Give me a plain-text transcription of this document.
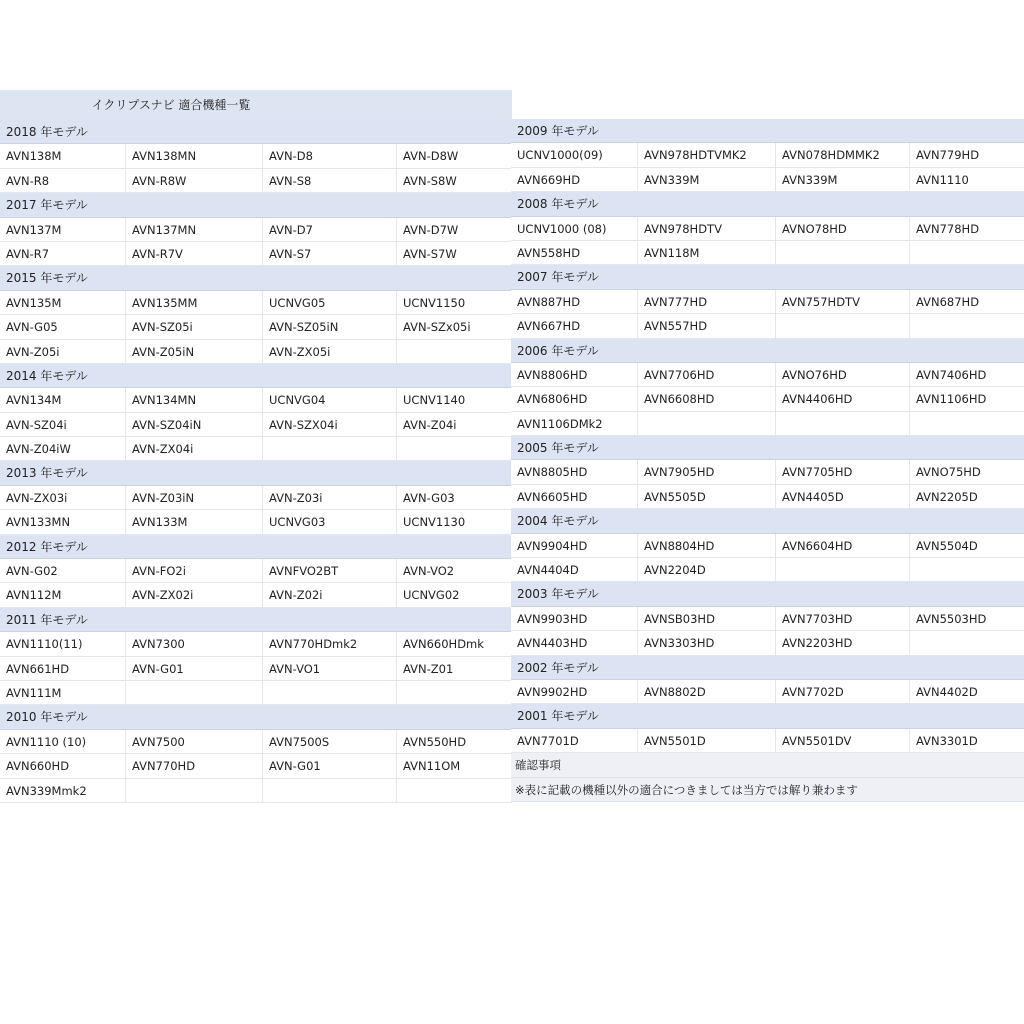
イクリプスナビ 適合機種一覧
2018 年モデル
AVN138M	AVN138MN	AVN-D8	AVN-D8W
AVN-R8	AVN-R8W	AVN-S8	AVN-S8W
2017 年モデル
AVN137M	AVN137MN	AVN-D7	AVN-D7W
AVN-R7	AVN-R7V	AVN-S7	AVN-S7W
2015 年モデル
AVN135M	AVN135MM	UCNVG05	UCNV1150
AVN-G05	AVN-SZ05i	AVN-SZ05iN	AVN-SZx05i
AVN-Z05i	AVN-Z05iN	AVN-ZX05i
2014 年モデル
AVN134M	AVN134MN	UCNVG04	UCNV1140
AVN-SZ04i	AVN-SZ04iN	AVN-SZX04i	AVN-Z04i
AVN-Z04iW	AVN-ZX04i
2013 年モデル
AVN-ZX03i	AVN-Z03iN	AVN-Z03i	AVN-G03
AVN133MN	AVN133M	UCNVG03	UCNV1130
2012 年モデル
AVN-G02	AVN-FO2i	AVNFVO2BT	AVN-VO2
AVN112M	AVN-ZX02i	AVN-Z02i	UCNVG02
2011 年モデル
AVN1110(11)	AVN7300	AVN770HDmk2	AVN660HDmk
AVN661HD	AVN-G01	AVN-VO1	AVN-Z01
AVN111M
2010 年モデル
AVN1110 (10)	AVN7500	AVN7500S	AVN550HD
AVN660HD	AVN770HD	AVN-G01	AVN11OM
AVN339Mmk2
2009 年モデル
UCNV1000(09)	AVN978HDTVMK2	AVN078HDMMK2	AVN779HD
AVN669HD	AVN339M	AVN339M	AVN1110
2008 年モデル
UCNV1000 (08)	AVN978HDTV	AVNO78HD	AVN778HD
AVN558HD	AVN118M
2007 年モデル
AVN887HD	AVN777HD	AVN757HDTV	AVN687HD
AVN667HD	AVN557HD
2006 年モデル
AVN8806HD	AVN7706HD	AVNO76HD	AVN7406HD
AVN6806HD	AVN6608HD	AVN4406HD	AVN1106HD
AVN1106DMk2
2005 年モデル
AVN8805HD	AVN7905HD	AVN7705HD	AVNO75HD
AVN6605HD	AVN5505D	AVN4405D	AVN2205D
2004 年モデル
AVN9904HD	AVN8804HD	AVN6604HD	AVN5504D
AVN4404D	AVN2204D
2003 年モデル
AVN9903HD	AVNSB03HD	AVN7703HD	AVN5503HD
AVN4403HD	AVN3303HD	AVN2203HD
2002 年モデル
AVN9902HD	AVN8802D	AVN7702D	AVN4402D
2001 年モデル
AVN7701D	AVN5501D	AVN5501DV	AVN3301D
確認事項
※表に記載の機種以外の適合につきましては当方では解り兼わます
